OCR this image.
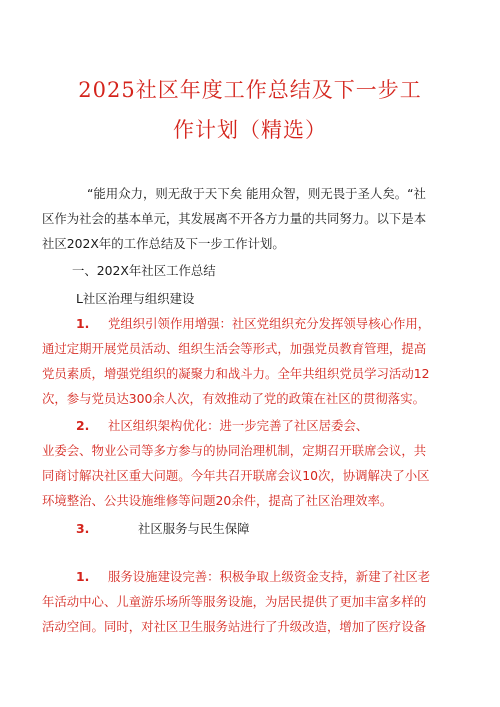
2025社区年度工作总结及下一步工
作计划（精选）
“能用众力，则无敌于天下矣 能用众智，则无畏于圣人矣。“社
区作为社会的基本单元，其发展离不开各方力量的共同努力。以下是本
社区202X年的工作总结及下一步工作计划。
一、202X年社区工作总结
L社区治理与组织建设
1. 党组织引领作用增强：社区党组织充分发挥领导核心作用，
通过定期开展党员活动、组织生活会等形式，加强党员教育管理，提高
党员素质，增强党组织的凝聚力和战斗力。全年共组织党员学习活动12
次，参与党员达300余人次，有效推动了党的政策在社区的贯彻落实。
2. 社区组织架构优化：进一步完善了社区居委会、
业委会、物业公司等多方参与的协同治理机制，定期召开联席会议，共
同商讨解决社区重大问题。今年共召开联席会议10次，协调解决了小区
环境整治、公共设施维修等问题20余件，提高了社区治理效率。
3.	社区服务与民生保障
1. 服务设施建设完善：积极争取上级资金支持，新建了社区老
年活动中心、儿童游乐场所等服务设施，为居民提供了更加丰富多样的
活动空间。同时，对社区卫生服务站进行了升级改造，增加了医疗设备
